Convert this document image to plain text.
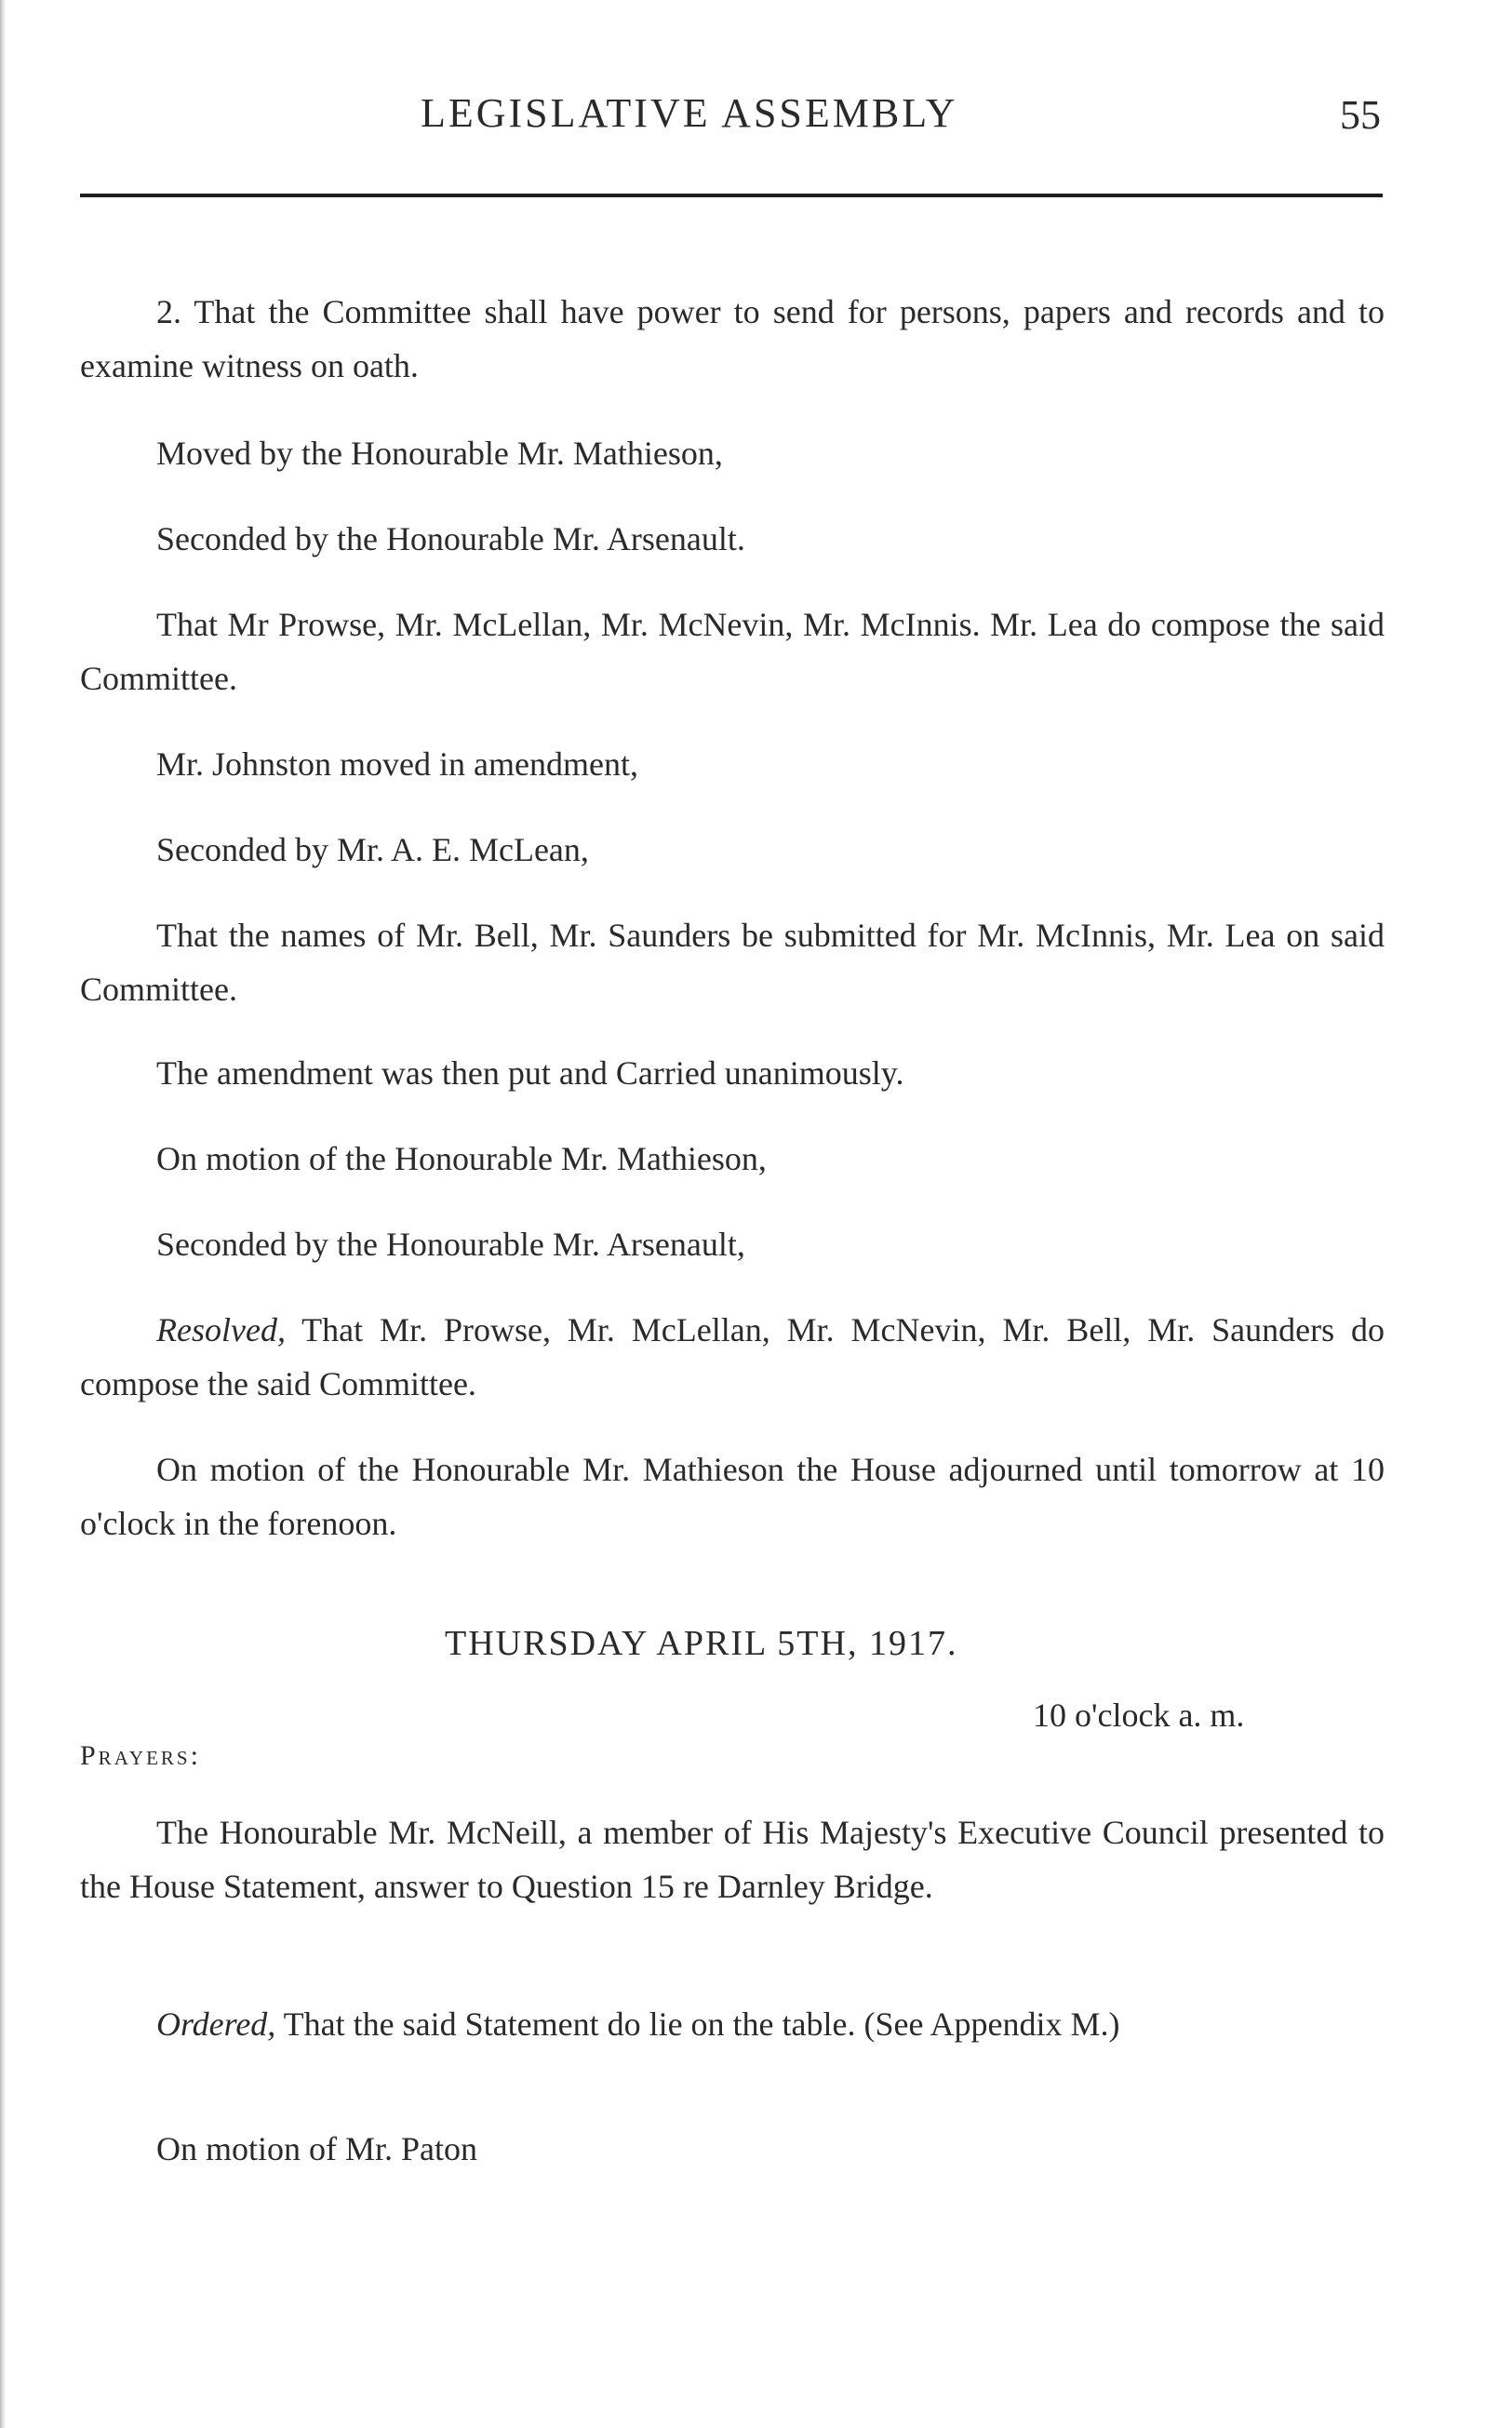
LEGISLATIVE ASSEMBLY	55

2. That the Committee shall have power to send for persons, papers and records and to examine witness on oath.

Moved by the Honourable Mr. Mathieson,

Seconded by the Honourable Mr. Arsenault.

That Mr Prowse, Mr. McLellan, Mr. McNevin, Mr. McInnis. Mr. Lea do compose the said Committee.

Mr. Johnston moved in amendment,

Seconded by Mr. A. E. McLean,

That the names of Mr. Bell, Mr. Saunders be submitted for Mr. McInnis, Mr. Lea on said Committee.

The amendment was then put and Carried unanimously.

On motion of the Honourable Mr. Mathieson,

Seconded by the Honourable Mr. Arsenault,

Resolved, That Mr. Prowse, Mr. McLellan, Mr. McNevin, Mr. Bell, Mr. Saunders do compose the said Committee.

On motion of the Honourable Mr. Mathieson the House adjourned until tomorrow at 10 o'clock in the forenoon.

THURSDAY APRIL 5TH, 1917.
10 o'clock a. m.
Prayers:

The Honourable Mr. McNeill, a member of His Majesty's Executive Council presented to the House Statement, answer to Question 15 re Darnley Bridge.

Ordered, That the said Statement do lie on the table. (See Appendix M.)

On motion of Mr. Paton
